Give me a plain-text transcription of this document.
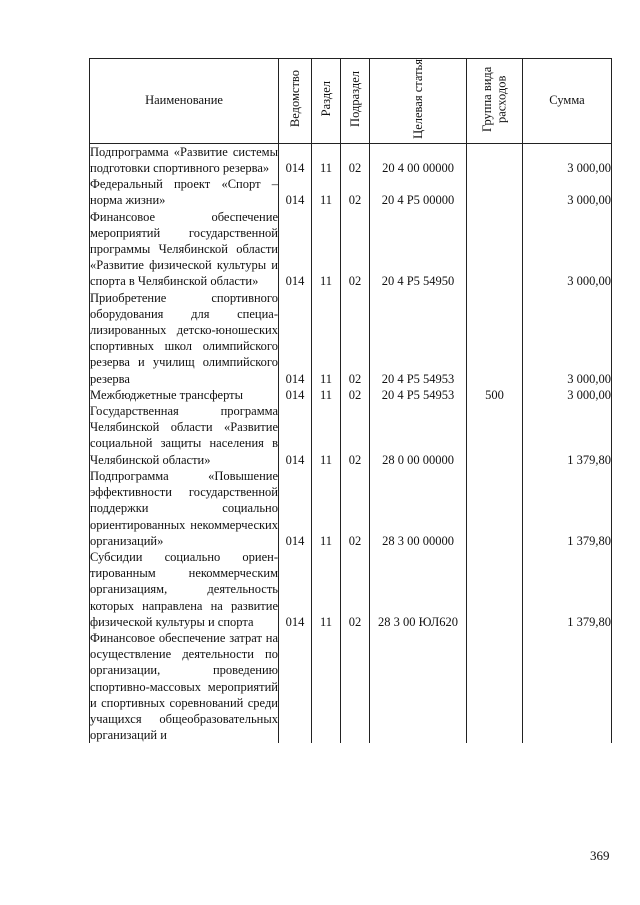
Наименование	Ведомство	Раздел	Подраздел	Целевая статья	Группа вида расходов	Сумма
Подпрограмма «Развитие системы подготовки спортивного резерва»	014	11	02	20 4 00 00000		3 000,00
Федеральный проект «Спорт – норма жизни»	014	11	02	20 4 P5 00000		3 000,00
Финансовое обеспечение мероприятий государственной программы Челябинской области «Развитие физической культуры и спорта в Челябинской области»	014	11	02	20 4 P5 54950		3 000,00
Приобретение спортивного оборудования для специализированных детско-юношеских спортивных школ олимпийского резерва и училищ олимпийского резерва	014	11	02	20 4 P5 54953		3 000,00
Межбюджетные трансферты	014	11	02	20 4 P5 54953	500	3 000,00
Государственная программа Челябинской области «Развитие социальной защиты населения в Челябинской области»	014	11	02	28 0 00 00000		1 379,80
Подпрограмма «Повышение эффективности государственной поддержки социально ориентированных некоммерческих организаций»	014	11	02	28 3 00 00000		1 379,80
Субсидии социально ориентированным некоммерческим организациям, деятельность которых направлена на развитие физической культуры и спорта	014	11	02	28 3 00 ЮЛ620		1 379,80
Финансовое обеспечение затрат на осуществление деятельности по организации, проведению спортивно-массовых мероприятий и спортивных соревнований среди учащихся общеобразовательных организаций и						
369
